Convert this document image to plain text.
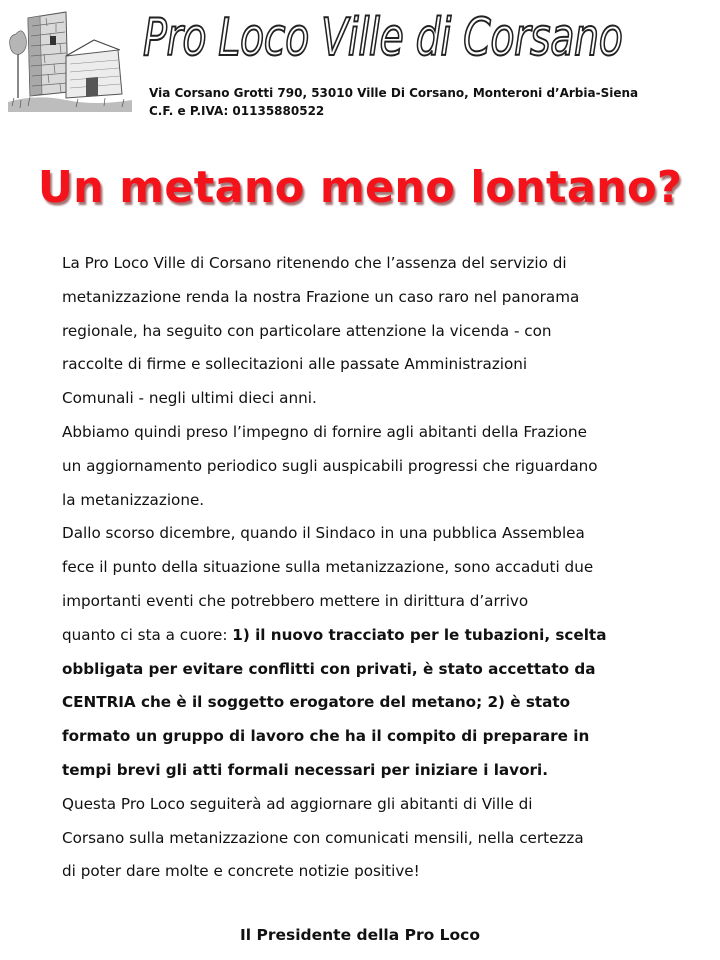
Pro Loco Ville di Corsano
Via Corsano Grotti 790, 53010 Ville Di Corsano, Monteroni d’Arbia-Siena
C.F. e P.IVA: 01135880522
Un metano meno lontano?
La Pro Loco Ville di Corsano ritenendo che l’assenza del servizio di
metanizzazione renda la nostra Frazione un caso raro nel panorama
regionale, ha seguito con particolare attenzione la vicenda - con
raccolte di firme e sollecitazioni alle passate Amministrazioni
Comunali - negli ultimi dieci anni.
Abbiamo quindi preso l’impegno di fornire agli abitanti della Frazione
un aggiornamento periodico sugli auspicabili progressi che riguardano
la metanizzazione.
Dallo scorso dicembre, quando il Sindaco in una pubblica Assemblea
fece il punto della situazione sulla metanizzazione, sono accaduti due
importanti eventi che potrebbero mettere in dirittura d’arrivo
quanto ci sta a cuore: 1) il nuovo tracciato per le tubazioni, scelta
obbligata per evitare conflitti con privati, è stato accettato da
CENTRIA che è il soggetto erogatore del metano; 2) è stato
formato un gruppo di lavoro che ha il compito di preparare in
tempi brevi gli atti formali necessari per iniziare i lavori.
Questa Pro Loco seguiterà ad aggiornare gli abitanti di Ville di
Corsano sulla metanizzazione con comunicati mensili, nella certezza
di poter dare molte e concrete notizie positive!
Il Presidente della Pro Loco
